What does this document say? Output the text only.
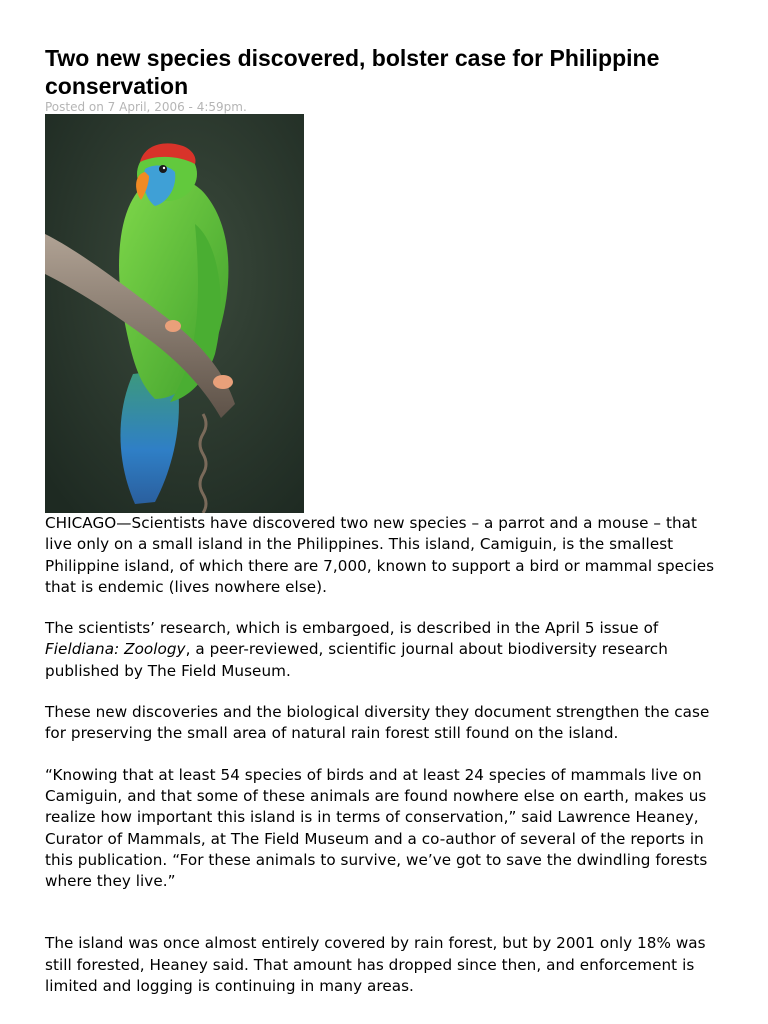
Two new species discovered, bolster case for Philippine conservation
Posted on 7 April, 2006 - 4:59pm.

CHICAGO—Scientists have discovered two new species – a parrot and a mouse – that live only on a small island in the Philippines. This island, Camiguin, is the smallest Philippine island, of which there are 7,000, known to support a bird or mammal species that is endemic (lives nowhere else).

The scientists’ research, which is embargoed, is described in the April 5 issue of Fieldiana: Zoology, a peer-reviewed, scientific journal about biodiversity research published by The Field Museum.

These new discoveries and the biological diversity they document strengthen the case for preserving the small area of natural rain forest still found on the island.

“Knowing that at least 54 species of birds and at least 24 species of mammals live on Camiguin, and that some of these animals are found nowhere else on earth, makes us realize how important this island is in terms of conservation,” said Lawrence Heaney, Curator of Mammals, at The Field Museum and a co-author of several of the reports in this publication. “For these animals to survive, we’ve got to save the dwindling forests where they live.”

The island was once almost entirely covered by rain forest, but by 2001 only 18% was still forested, Heaney said. That amount has dropped since then, and enforcement is limited and logging is continuing in many areas.
